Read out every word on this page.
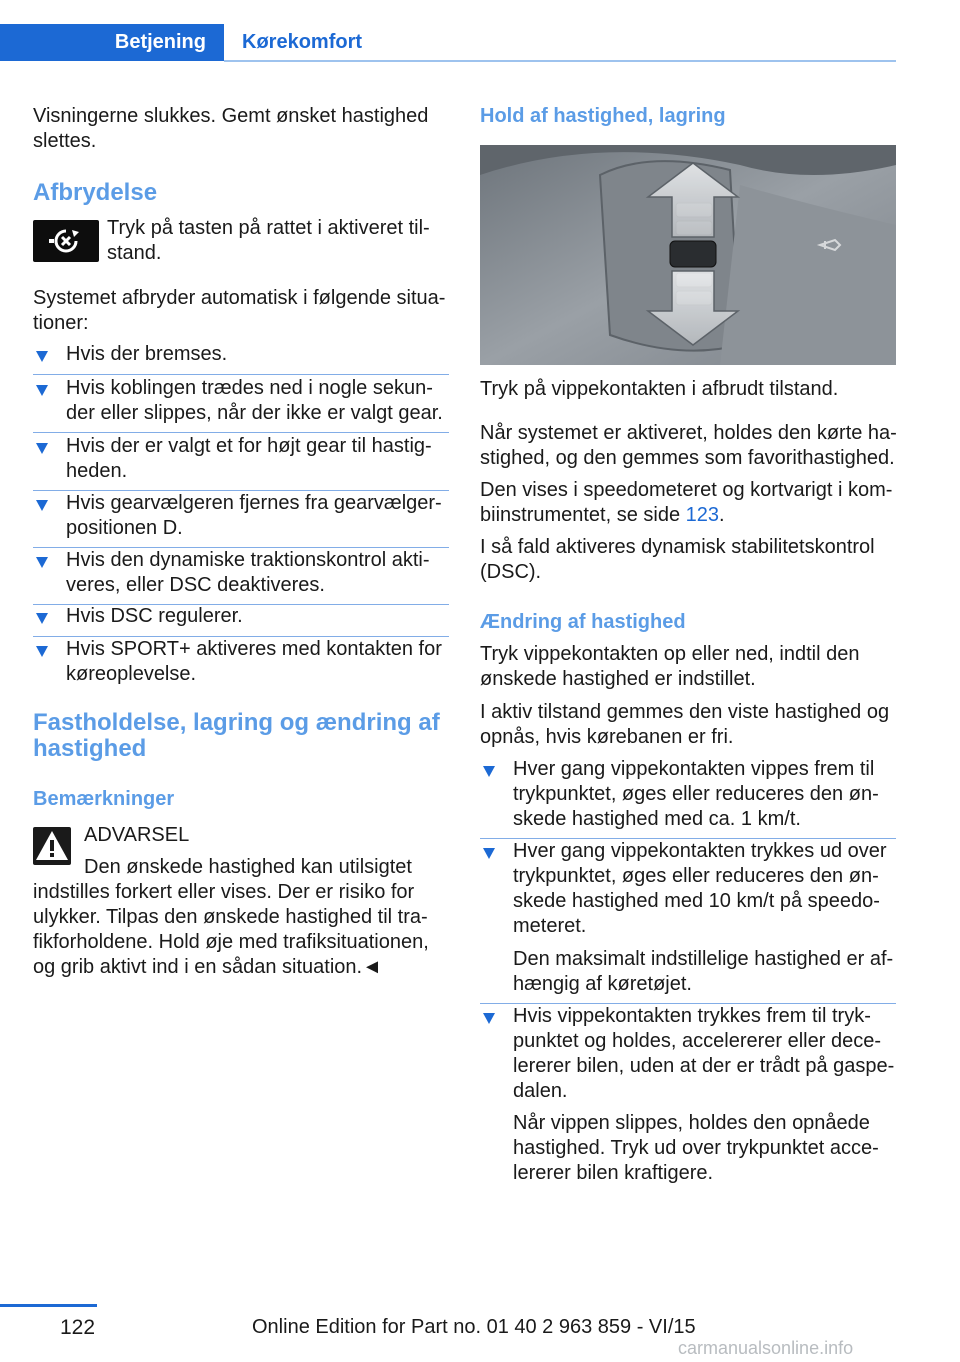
Betjening Kørekomfort

Visningerne slukkes. Gemt ønsket hastighed

slettes.

Afbrydelse

Tryk på tasten på rattet i aktiveret til-

stand.

Systemet afbryder automatisk i følgende situa-

tioner:

Hvis der bremses.

Hvis koblingen trædes ned i nogle sekun-

der eller slippes, når der ikke er valgt gear.

Hvis der er valgt et for højt gear til hastig-

heden.

Hvis gearvælgeren fjernes fra gearvælger-

positionen D.

Hvis den dynamiske traktionskontrol akti-

veres, eller DSC deaktiveres.

Hvis DSC regulerer.

Hvis SPORT+ aktiveres med kontakten for

køreoplevelse.

Fastholdelse, lagring og ændring af
hastighed
Bemærkninger

ADVARSEL

Den ønskede hastighed kan utilsigtet

indstilles forkert eller vises. Der er risiko for

ulykker. Tilpas den ønskede hastighed til tra-

fikforholdene. Hold øje med trafiksituationen,

og grib aktivt ind i en sådan situation.◄

Hold af hastighed, lagring

Tryk på vippekontakten i afbrudt tilstand.

Når systemet er aktiveret, holdes den kørte ha-

stighed, og den gemmes som favorithastighed.

Den vises i speedometeret og kortvarigt i kom-

biinstrumentet, se side 123.

I så fald aktiveres dynamisk stabilitetskontrol

(DSC).

Ændring af hastighed

Tryk vippekontakten op eller ned, indtil den

ønskede hastighed er indstillet.

I aktiv tilstand gemmes den viste hastighed og

opnås, hvis kørebanen er fri.

Hver gang vippekontakten vippes frem til

trykpunktet, øges eller reduceres den øn-

skede hastighed med ca. 1 km/t.

Hver gang vippekontakten trykkes ud over

trykpunktet, øges eller reduceres den øn-

skede hastighed med 10 km/t på speedo-

meteret.

Den maksimalt indstillelige hastighed er af-

hængig af køretøjet.

Hvis vippekontakten trykkes frem til tryk-

punktet og holdes, accelererer eller dece-

lererer bilen, uden at der er trådt på gaspe-

dalen.

Når vippen slippes, holdes den opnåede

hastighed. Tryk ud over trykpunktet acce-

lererer bilen kraftigere.

122	Online Edition for Part no. 01 40 2 963 859 - VI/15
carmanualsonline.info
